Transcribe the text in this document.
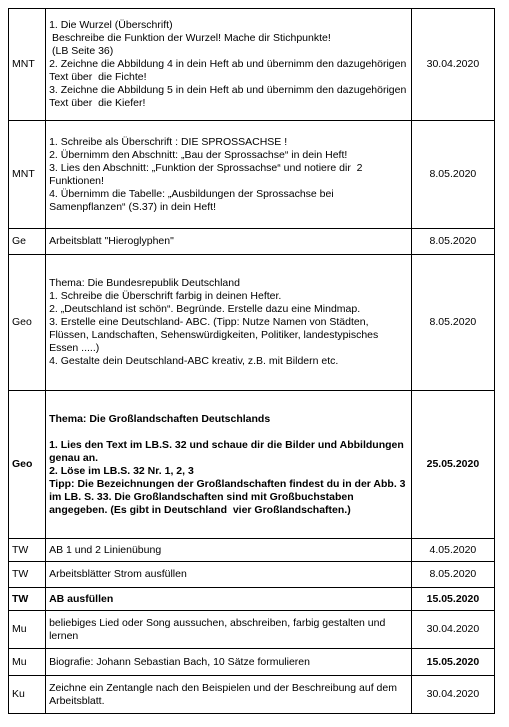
MNT	1. Die Wurzel (Überschrift)
Beschreibe die Funktion der Wurzel! Mache dir Stichpunkte!
(LB Seite 36)
2. Zeichne die Abbildung 4 in dein Heft ab und übernimm den dazugehörigen Text über  die Fichte!
3. Zeichne die Abbildung 5 in dein Heft ab und übernimm den dazugehörigen Text über  die Kiefer!	30.04.2020
MNT	1. Schreibe als Überschrift : DIE SPROSSACHSE !
2. Übernimm den Abschnitt: „Bau der Sprossachse“ in dein Heft!
3. Lies den Abschnitt: „Funktion der Sprossachse“ und notiere dir  2 Funktionen!
4. Übernimm die Tabelle: „Ausbildungen der Sprossachse bei Samenpflanzen“ (S.37) in dein Heft!	8.05.2020
Ge	Arbeitsblatt "Hieroglyphen"	8.05.2020
Geo	Thema: Die Bundesrepublik Deutschland
1. Schreibe die Überschrift farbig in deinen Hefter.
2. „Deutschland ist schön“. Begründe. Erstelle dazu eine Mindmap.
3. Erstelle eine Deutschland- ABC. (Tipp: Nutze Namen von Städten, Flüssen, Landschaften, Sehenswürdigkeiten, Politiker, landestypisches Essen .....)
4. Gestalte dein Deutschland-ABC kreativ, z.B. mit Bildern etc.	8.05.2020
Geo	Thema: Die Großlandschaften Deutschlands

1. Lies den Text im LB.S. 32 und schaue dir die Bilder und Abbildungen genau an.
2. Löse im LB.S. 32 Nr. 1, 2, 3
Tipp: Die Bezeichnungen der Großlandschaften findest du in der Abb. 3 im LB. S. 33. Die Großlandschaften sind mit Großbuchstaben angegeben. (Es gibt in Deutschland  vier Großlandschaften.)	25.05.2020
TW	AB 1 und 2 Linienübung	4.05.2020
TW	Arbeitsblätter Strom ausfüllen	8.05.2020
TW	AB ausfüllen	15.05.2020
Mu	beliebiges Lied oder Song aussuchen, abschreiben, farbig gestalten und lernen	30.04.2020
Mu	Biografie: Johann Sebastian Bach, 10 Sätze formulieren	15.05.2020
Ku	Zeichne ein Zentangle nach den Beispielen und der Beschreibung auf dem Arbeitsblatt.	30.04.2020
